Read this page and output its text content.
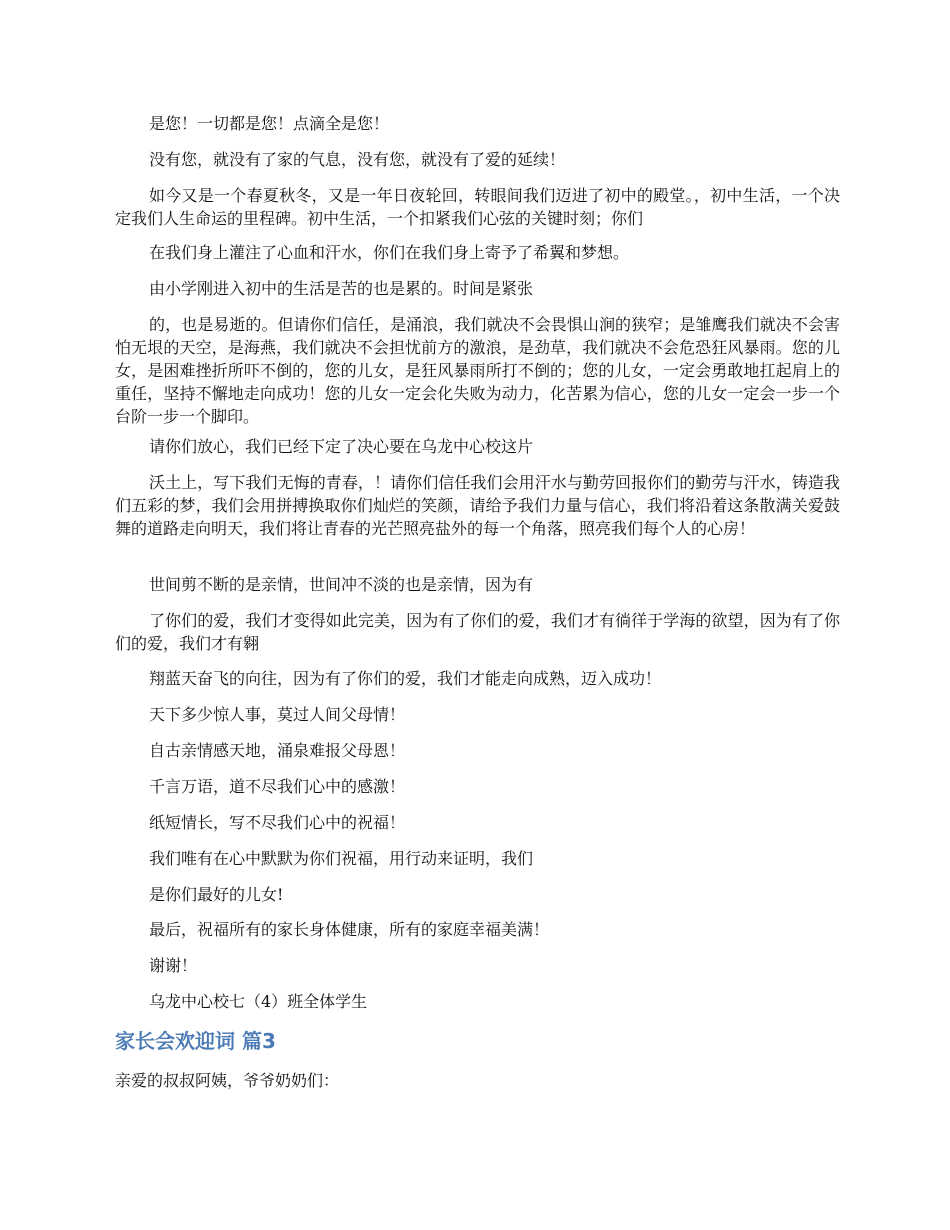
是您！一切都是您！点滴全是您！

没有您，就没有了家的气息，没有您，就没有了爱的延续！

如今又是一个春夏秋冬，又是一年日夜轮回，转眼间我们迈进了初中的殿堂。，初中生活，一个决定我们人生命运的里程碑。初中生活，一个扣紧我们心弦的关键时刻；你们

在我们身上灌注了心血和汗水，你们在我们身上寄予了希翼和梦想。

由小学刚进入初中的生活是苦的也是累的。时间是紧张

的，也是易逝的。但请你们信任，是涌浪，我们就决不会畏惧山涧的狭窄；是雏鹰我们就决不会害怕无垠的天空，是海燕，我们就决不会担忧前方的激浪，是劲草，我们就决不会危恐狂风暴雨。您的儿女，是困难挫折所吓不倒的，您的儿女，是狂风暴雨所打不倒的；您的儿女，一定会勇敢地扛起肩上的重任，坚持不懈地走向成功！您的儿女一定会化失败为动力，化苦累为信心，您的儿女一定会一步一个台阶一步一个脚印。

请你们放心，我们已经下定了决心要在乌龙中心校这片

沃土上，写下我们无悔的青春，！请你们信任我们会用汗水与勤劳回报你们的勤劳与汗水，铸造我们五彩的梦，我们会用拼搏换取你们灿烂的笑颜，请给予我们力量与信心，我们将沿着这条散满关爱鼓舞的道路走向明天，我们将让青春的光芒照亮盐外的每一个角落，照亮我们每个人的心房！

世间剪不断的是亲情，世间冲不淡的也是亲情，因为有

了你们的爱，我们才变得如此完美，因为有了你们的爱，我们才有徜徉于学海的欲望，因为有了你们的爱，我们才有翱

翔蓝天奋飞的向往，因为有了你们的爱，我们才能走向成熟，迈入成功！

天下多少惊人事，莫过人间父母情！

自古亲情感天地，涌泉难报父母恩！

千言万语，道不尽我们心中的感激！

纸短情长，写不尽我们心中的祝福！

我们唯有在心中默默为你们祝福，用行动来证明，我们

是你们最好的儿女!

最后，祝福所有的家长身体健康，所有的家庭幸福美满！

谢谢！

乌龙中心校七（4）班全体学生

家长会欢迎词 篇3

亲爱的叔叔阿姨，爷爷奶奶们：
